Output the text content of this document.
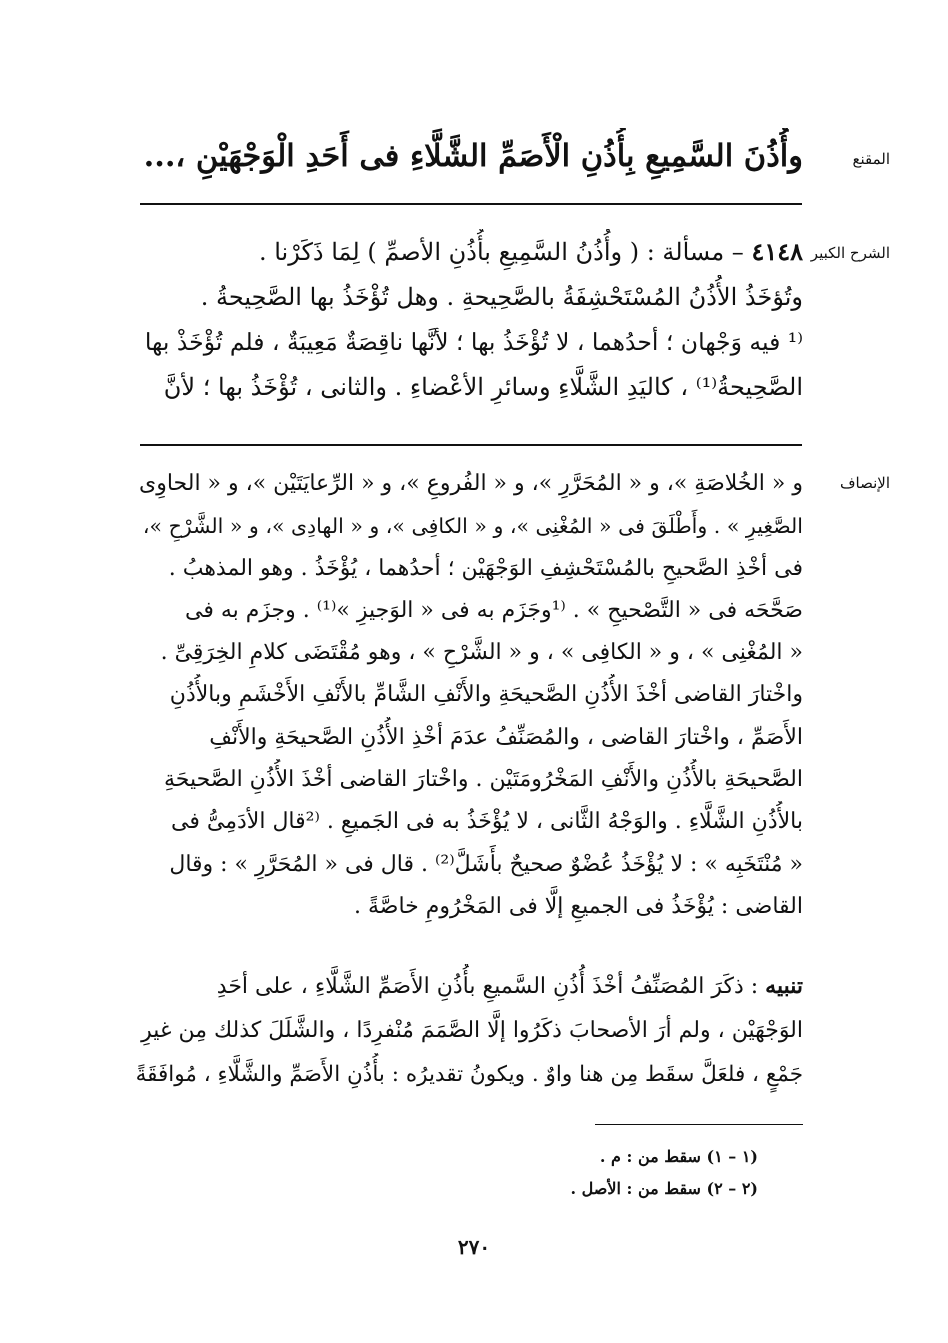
المقنع
وأُذُنَ السَّمِيعِ بِأُذُنِ الْأَصَمِّ الشَّلَّاءِ فى أَحَدِ الْوَجْهَيْنِ ،...
الشرح الكبير
٤١٤٨ – مسألة : ( وأُذُنُ السَّمِيعِ بأُذُنِ الأصمِّ ) لِمَا ذَكَرْنا .
وتُؤخَذُ الأُذُنُ المُسْتَحْشِفَةُ بالصَّحِيحةِ . وهل تُؤْخَذُ بها الصَّحِيحةُ .
⁽¹ فيه وَجْهان ؛ أحدُهما ، لا تُؤْخَذُ بها ؛ لأنَّها ناقِصَةٌ مَعِيبَةٌ ، فلم تُؤْخَذْ بها
الصَّحِيحةُ⁽¹⁾ ، كاليَدِ الشَّلَّاءِ وسائرِ الأعْضاءِ . والثانى ، تُؤْخَذُ بها ؛ لأنَّ
الإنصاف
و « الخُلاصَةِ »، و « المُحَرَّرِ »، و « الفُروعِ »، و « الرِّعايَتَيْن »، و « الحاوِى
الصَّغِيرِ » . وأَطْلَقَ فى « المُغْنِى »، و « الكافِى »، و « الهادِى »، و « الشَّرْحِ »،
فى أخْذِ الصَّحيحِ بالمُسْتَحْشِفِ الوَجْهَيْن ؛ أحدُهما ، يُؤْخَذُ . وهو المذهبُ .
صَحَّحَه فى « التَّصْحيحِ » . ⁽¹وجَزَم به فى « الوَجيزِ »⁽¹⁾ . وجزَم به فى
« المُغْنِى » ، و « الكافِى » ، و « الشَّرْحِ » ، وهو مُقْتَضَى كلامِ الخِرَقِىِّ .
واخْتارَ القاضى أخْذَ الأُذُنِ الصَّحيحَةِ والأَنْفِ الشَّامِّ بالأَنْفِ الأَخْشَمِ وبالأُذُنِ
الأَصَمِّ ، واخْتارَ القاضى ، والمُصَنِّفُ عدَمَ أخْذِ الأُذُنِ الصَّحيحَةِ والأَنْفِ
الصَّحيحَةِ بالأُذُنِ والأَنْفِ المَخْرُومَتَيْن . واخْتارَ القاضى أخْذَ الأُذُنِ الصَّحيحَةِ
بالأُذُنِ الشَّلَّاءِ . والوَجْهُ الثَّانى ، لا يُؤْخَذُ به فى الجَميعِ . ⁽²قال الأدَمِىُّ فى
« مُنْتَخَبِه » : لا يُؤْخَذُ عُضْوٌ صحيحٌ بأَشَلَّ⁽²⁾ . قال فى « المُحَرَّرِ » : وقال
القاضى : يُؤْخَذُ فى الجميعِ إلَّا فى المَخْرُومِ خاصَّةً .
تنبيه : ذكَرَ المُصَنِّفُ أخْذَ أُذُنِ السَّميعِ بأُذُنِ الأَصَمِّ الشَّلَّاءِ ، على أحَدِ
الوَجْهَيْن ، ولم أرَ الأصحابَ ذكَرُوا إلَّا الصَّمَمَ مُنْفرِدًا ، والشَّلَلَ كذلك مِن غيرِ
جَمْعٍ ، فلعَلَّ سقَط مِن هنا واوٌ . ويكونُ تقديرُه : بأُذُنِ الأَصَمِّ والشَّلَّاءِ ، مُوافَقَةً
(١ – ١) سقط من : م .
(٢ – ٢) سقط من : الأصل .
٢٧٠
